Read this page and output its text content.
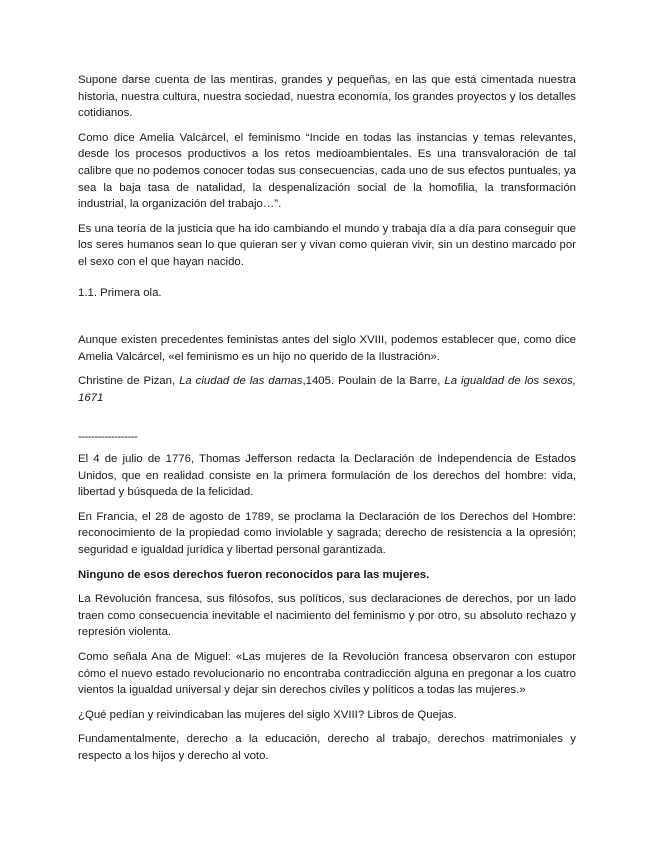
Supone darse cuenta de las mentiras, grandes y pequeñas, en las que está cimentada nuestra historia, nuestra cultura, nuestra sociedad, nuestra economía, los grandes proyectos y los detalles cotidianos.

Como dice Amelia Valcárcel, el feminismo “Incide en todas las instancias y temas relevantes, desde los procesos productivos a los retos medioambientales. Es una transvaloración de tal calibre que no podemos conocer todas sus consecuencias, cada uno de sus efectos puntuales, ya sea la baja tasa de natalidad, la despenalización social de la homofilia, la transformación industrial, la organización del trabajo…”.

Es una teoría de la justicia que ha ido cambiando el mundo y trabaja día a día para conseguir que los seres humanos sean lo que quieran ser y vivan como quieran vivir, sin un destino marcado por el sexo con el que hayan nacido.

1.1. Primera ola.

Aunque existen precedentes feministas antes del siglo XVIII, podemos establecer que, como dice Amelia Valcárcel, «el feminismo es un hijo no querido de la Ilustración».

Christine de Pizan, La ciudad de las damas,1405. Poulain de la Barre, La igualdad de los sexos, 1671

------------------

El 4 de julio de 1776, Thomas Jefferson redacta la Declaración de Independencia de Estados Unidos, que en realidad consiste en la primera formulación de los derechos del hombre: vida, libertad y búsqueda de la felicidad.

En Francia, el 28 de agosto de 1789, se proclama la Declaración de los Derechos del Hombre: reconocimiento de la propiedad como inviolable y sagrada; derecho de resistencia a la opresión; seguridad e igualdad jurídica y libertad personal garantizada.

Ninguno de esos derechos fueron reconocidos para las mujeres.

La Revolución francesa, sus filósofos, sus políticos, sus declaraciones de derechos, por un lado traen como consecuencia inevitable el nacimiento del feminismo y por otro, su absoluto rechazo y represión violenta.

Como señala Ana de Miguel: «Las mujeres de la Revolución francesa observaron con estupor cómo el nuevo estado revolucionario no encontraba contradicción alguna en pregonar a los cuatro vientos la igualdad universal y dejar sin derechos civiles y políticos a todas las mujeres.»

¿Qué pedían y reivindicaban las mujeres del siglo XVIII? Libros de Quejas.

Fundamentalmente, derecho a la educación, derecho al trabajo, derechos matrimoniales y respecto a los hijos y derecho al voto.
